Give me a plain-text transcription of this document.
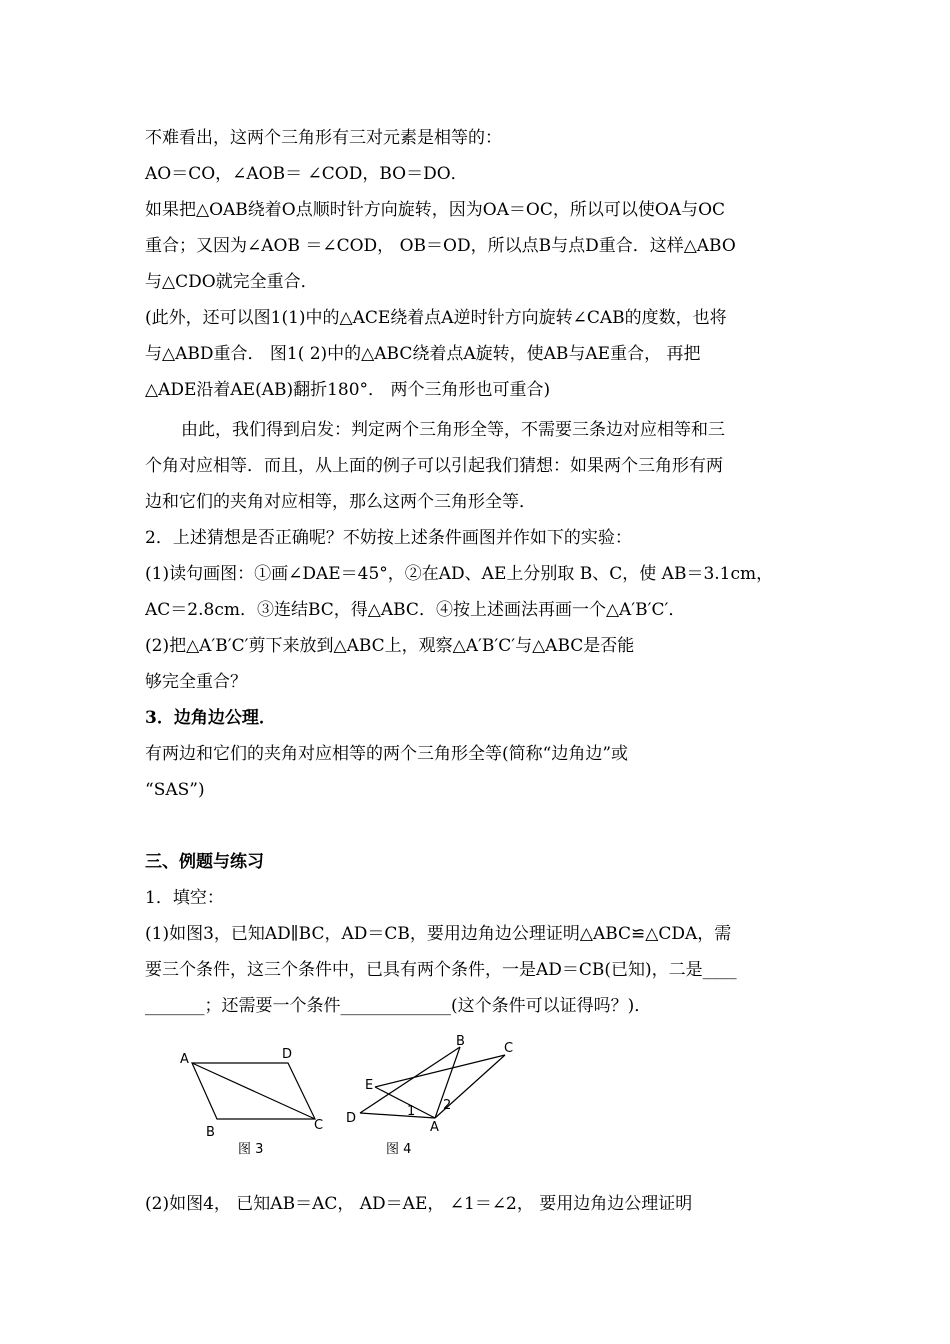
不难看出，这两个三角形有三对元素是相等的：
AO＝CO，∠AOB＝ ∠COD，BO＝DO．
如果把△OAB绕着O点顺时针方向旋转，因为OA＝OC，所以可以使OA与OC
重合；又因为∠AOB ＝∠COD， OB＝OD，所以点B与点D重合．这样△ABO
与△CDO就完全重合．
(此外，还可以图1(1)中的△ACE绕着点A逆时针方向旋转∠CAB的度数，也将
与△ABD重合． 图1( 2)中的△ABC绕着点A旋转，使AB与AE重合， 再把
△ADE沿着AE(AB)翻折180°． 两个三角形也可重合)
由此，我们得到启发：判定两个三角形全等，不需要三条边对应相等和三
个角对应相等．而且，从上面的例子可以引起我们猜想：如果两个三角形有两
边和它们的夹角对应相等，那么这两个三角形全等．
2．上述猜想是否正确呢？不妨按上述条件画图并作如下的实验：
(1)读句画图：①画∠DAE＝45°，②在AD、AE上分别取 B、C，使 AB＝3.1cm，
AC＝2.8cm．③连结BC，得△ABC．④按上述画法再画一个△A′B′C′．
(2)把△A′B′C′剪下来放到△ABC上，观察△A′B′C′与△ABC是否能
够完全重合？
3．边角边公理．
有两边和它们的夹角对应相等的两个三角形全等(简称“边角边”或
“SAS”)
三、例题与练习
1．填空：
(1)如图3，已知AD∥BC，AD＝CB，要用边角边公理证明△ABC≌△CDA，需
要三个条件，这三个条件中，已具有两个条件，一是AD＝CB(已知)，二是____
_______；还需要一个条件_____________(这个条件可以证得吗？)．
A	D
C
B
图 3
B	C
E
D
A
1 2
图 4
(2)如图4， 已知AB＝AC， AD＝AE， ∠1＝∠2， 要用边角边公理证明
